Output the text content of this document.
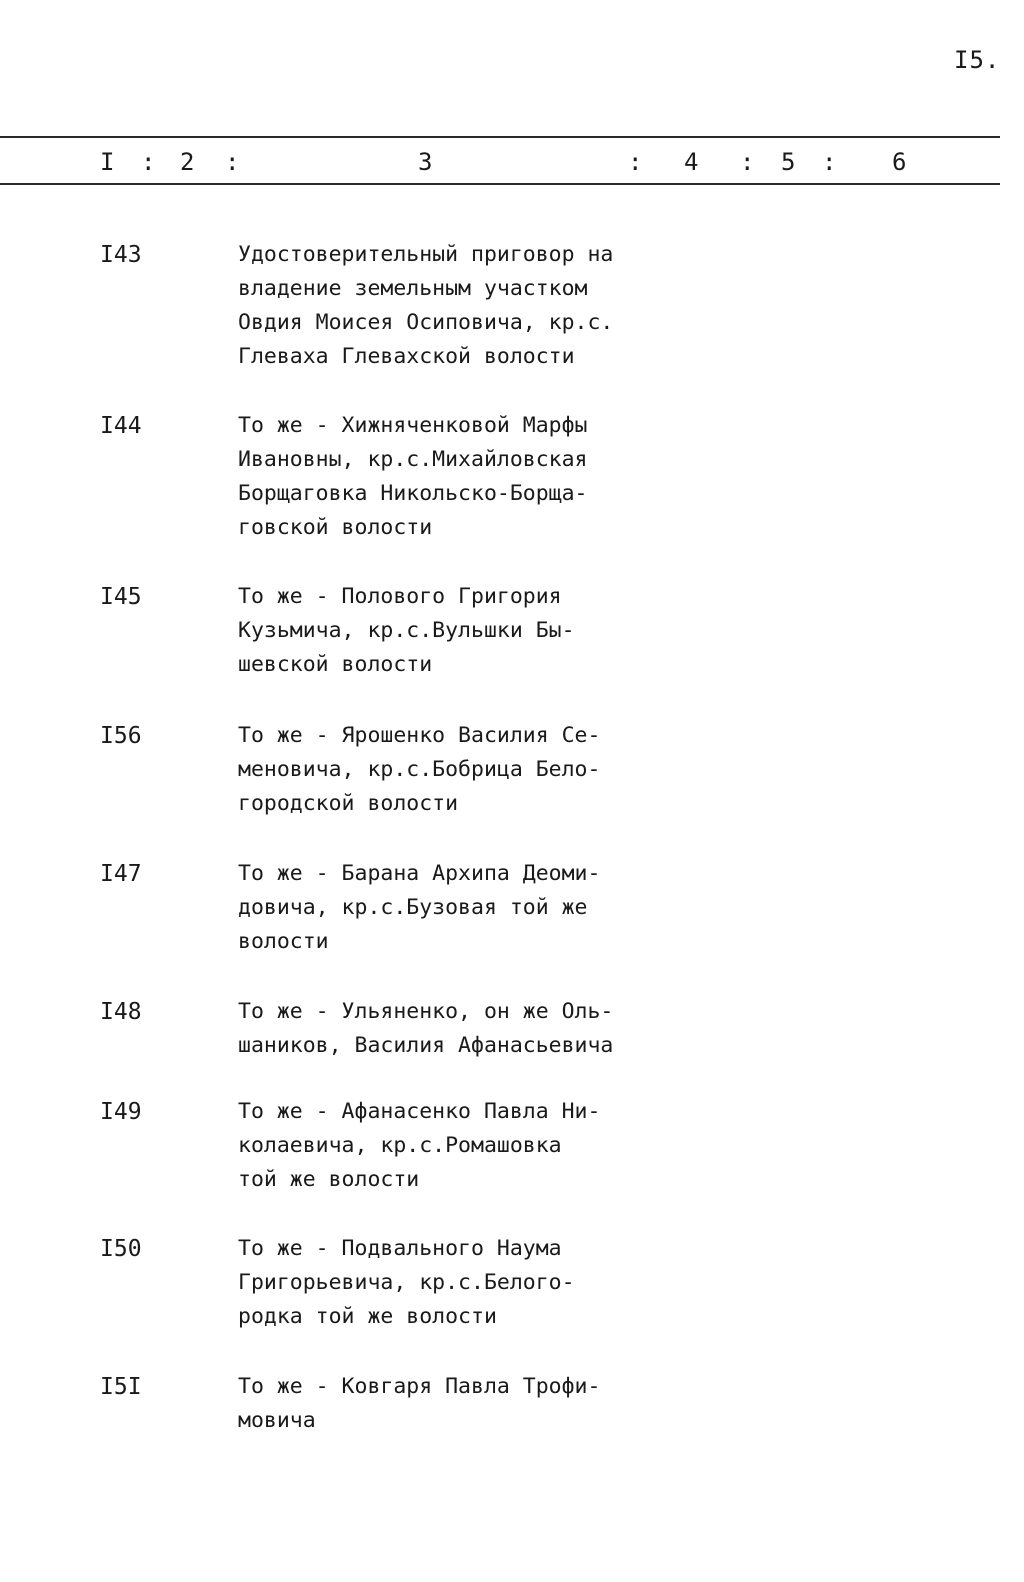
I5.
I : 2 :	3	: 4 : 5 : 6
I43	Удостоверительный приговор на
владение земельным участком
Овдия Моисея Осиповича, кр.с.
Глеваха Глевахской волости
I44	То же - Хижняченковой Марфы
Ивановны, кр.с.Михайловская
Борщаговка Никольско-Борща-
говской волости
I45	То же - Полового Григория
Кузьмича, кр.с.Вульшки Бы-
шевской волости
I56	То же - Ярошенко Василия Се-
меновича, кр.с.Бобрица Бело-
городской волости
I47	То же - Барана Архипа Деоми-
довича, кр.с.Бузовая той же
волости
I48	То же - Ульяненко, он же Оль-
шаников, Василия Афанасьевича
I49	То же - Афанасенко Павла Ни-
колаевича, кр.с.Ромашовка
той же волости
I50	То же - Подвального Наума
Григорьевича, кр.с.Белого-
родка той же волости
I5I	То же - Ковгаря Павла Трофи-
мовича
